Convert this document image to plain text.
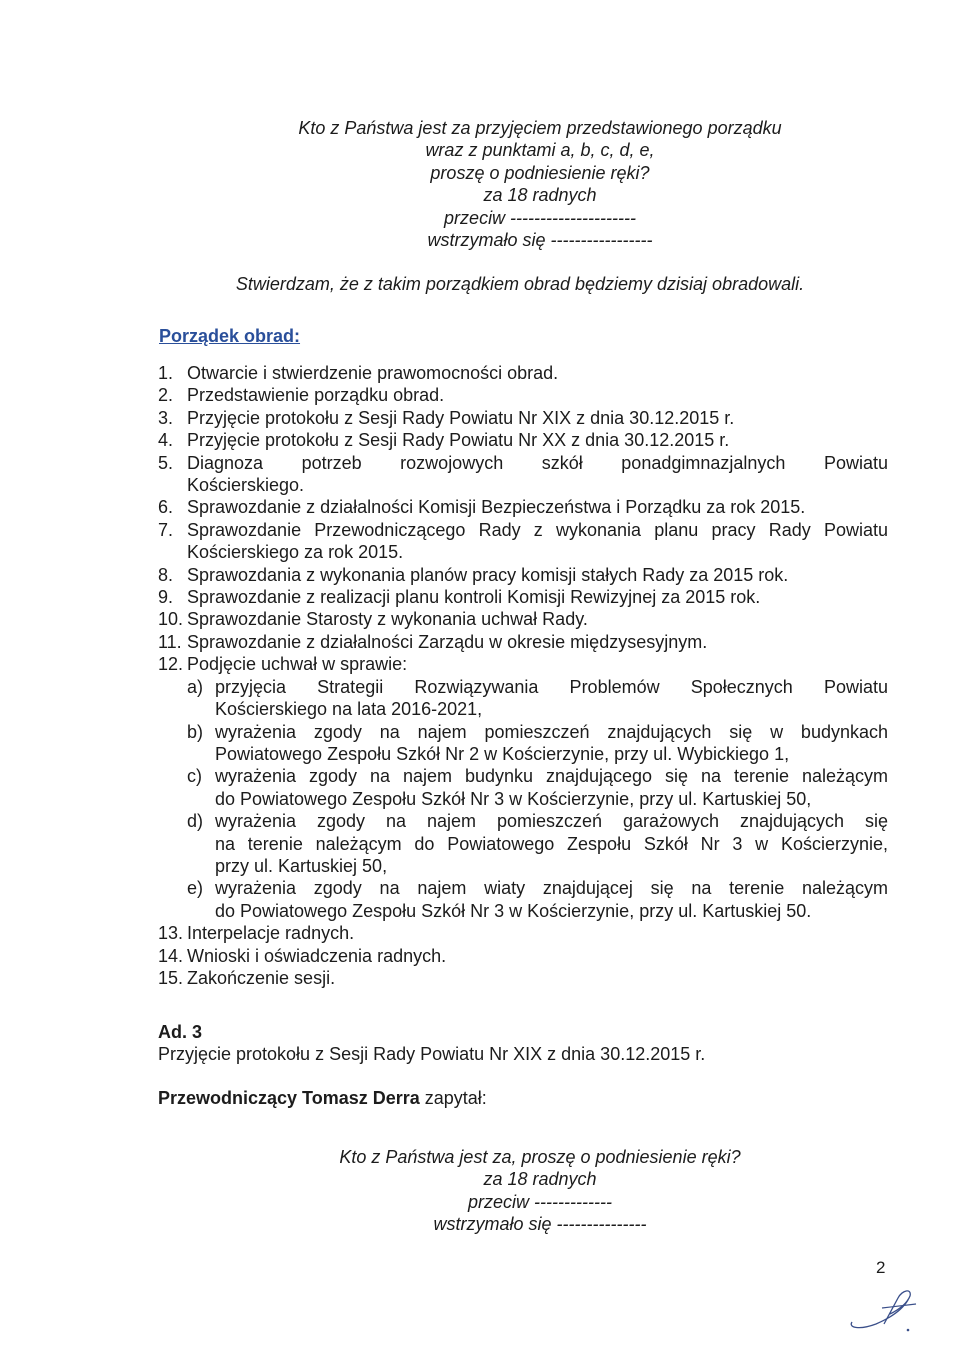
Kto z Państwa jest za przyjęciem przedstawionego porządku
wraz z punktami a, b, c, d, e,
proszę o podniesienie ręki?
za 18 radnych
przeciw ---------------------
wstrzymało się -----------------
Stwierdzam, że z takim porządkiem obrad będziemy dzisiaj obradowali.
Porządek obrad:
1. Otwarcie i stwierdzenie prawomocności obrad.
2. Przedstawienie porządku obrad.
3. Przyjęcie protokołu z Sesji Rady Powiatu Nr XIX z dnia 30.12.2015 r.
4. Przyjęcie protokołu z Sesji Rady Powiatu Nr XX z dnia 30.12.2015 r.
5. Diagnoza potrzeb rozwojowych szkół ponadgimnazjalnych Powiatu
Kościerskiego.
6. Sprawozdanie z działalności Komisji Bezpieczeństwa i Porządku za rok 2015.
7. Sprawozdanie Przewodniczącego Rady z wykonania planu pracy Rady Powiatu
Kościerskiego za rok 2015.
8. Sprawozdania z wykonania planów pracy komisji stałych Rady za 2015 rok.
9. Sprawozdanie z realizacji planu kontroli Komisji Rewizyjnej za 2015 rok.
10. Sprawozdanie Starosty z wykonania uchwał Rady.
11. Sprawozdanie z działalności Zarządu w okresie międzysesyjnym.
12. Podjęcie uchwał w sprawie:
a) przyjęcia Strategii Rozwiązywania Problemów Społecznych Powiatu
Kościerskiego na lata 2016-2021,
b) wyrażenia zgody na najem pomieszczeń znajdujących się w budynkach
Powiatowego Zespołu Szkół Nr 2 w Kościerzynie, przy ul. Wybickiego 1,
c) wyrażenia zgody na najem budynku znajdującego się na terenie należącym
do Powiatowego Zespołu Szkół Nr 3 w Kościerzynie, przy ul. Kartuskiej 50,
d) wyrażenia zgody na najem pomieszczeń garażowych znajdujących się
na terenie należącym do Powiatowego Zespołu Szkół Nr 3 w Kościerzynie,
przy ul. Kartuskiej 50,
e) wyrażenia zgody na najem wiaty znajdującej się na terenie należącym
do Powiatowego Zespołu Szkół Nr 3 w Kościerzynie, przy ul. Kartuskiej 50.
13. Interpelacje radnych.
14. Wnioski i oświadczenia radnych.
15. Zakończenie sesji.
Ad. 3
Przyjęcie protokołu z Sesji Rady Powiatu Nr XIX z dnia 30.12.2015 r.
Przewodniczący Tomasz Derra zapytał:
Kto z Państwa jest za, proszę o podniesienie ręki?
za 18 radnych
przeciw -------------
wstrzymało się ---------------
2
